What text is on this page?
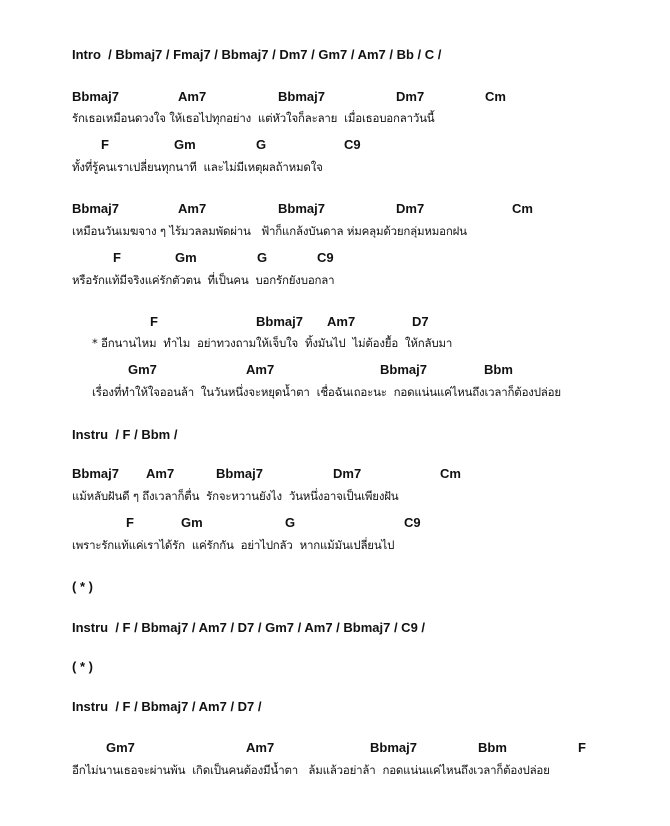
Intro  / Bbmaj7 / Fmaj7 / Bbmaj7 / Dm7 / Gm7 / Am7 / Bb / C /
Bbmaj7	Am7	Bbmaj7	Dm7	Cm
รักเธอเหมือนดวงใจ ให้เธอไปทุกอย่าง  แต่หัวใจก็ละลาย  เมื่อเธอบอกลาวันนี้
F	Gm	G	C9
ทั้งที่รู้คนเราเปลี่ยนทุกนาที  และไม่มีเหตุผลถ้าหมดใจ
Bbmaj7	Am7	Bbmaj7	Dm7	Cm
เหมือนวันเมฆจาง ๆ ไร้มวลลมพัดผ่าน   ฟ้าก็แกล้งบันดาล ห่มคลุมด้วยกลุ่มหมอกฝน
F	Gm	G	C9
หรือรักแท้มีจริงแค่รักตัวตน  ที่เป็นคน  บอกรักยังบอกลา
F	Bbmaj7 Am7	D7
* อีกนานไหม  ทำไม  อย่าทวงถามให้เจ็บใจ  ทิ้งมันไป  ไม่ต้องยื้อ  ให้กลับมา
Gm7	Am7	Bbmaj7	Bbm
เรื่องที่ทำให้ใจออนล้า  ในวันหนึ่งจะหยุดน้ำตา  เชื่อฉันเถอะนะ  กอดแน่นแค่ไหนถึงเวลาก็ต้องปล่อย
Instru  / F / Bbm /
Bbmaj7 Am7	Bbmaj7	Dm7	Cm
แม้หลับฝันดี ๆ ถึงเวลาก็ตื่น  รักจะหวานยังไง  วันหนึ่งอาจเป็นเพียงฝัน
F	Gm	G	C9
เพราะรักแท้แค่เราได้รัก  แค่รักกัน  อย่าไปกลัว  หากแม้มันเปลี่ยนไป
( * )
Instru  / F / Bbmaj7 / Am7 / D7 / Gm7 / Am7 / Bbmaj7 / C9 /
( * )
Instru  / F / Bbmaj7 / Am7 / D7 /
Gm7	Am7	Bbmaj7	Bbm	F
อีกไม่นานเธอจะผ่านพ้น  เกิดเป็นคนต้องมีน้ำตา   ล้มแล้วอย่าล้า  กอดแน่นแค่ไหนถึงเวลาก็ต้องปล่อย
